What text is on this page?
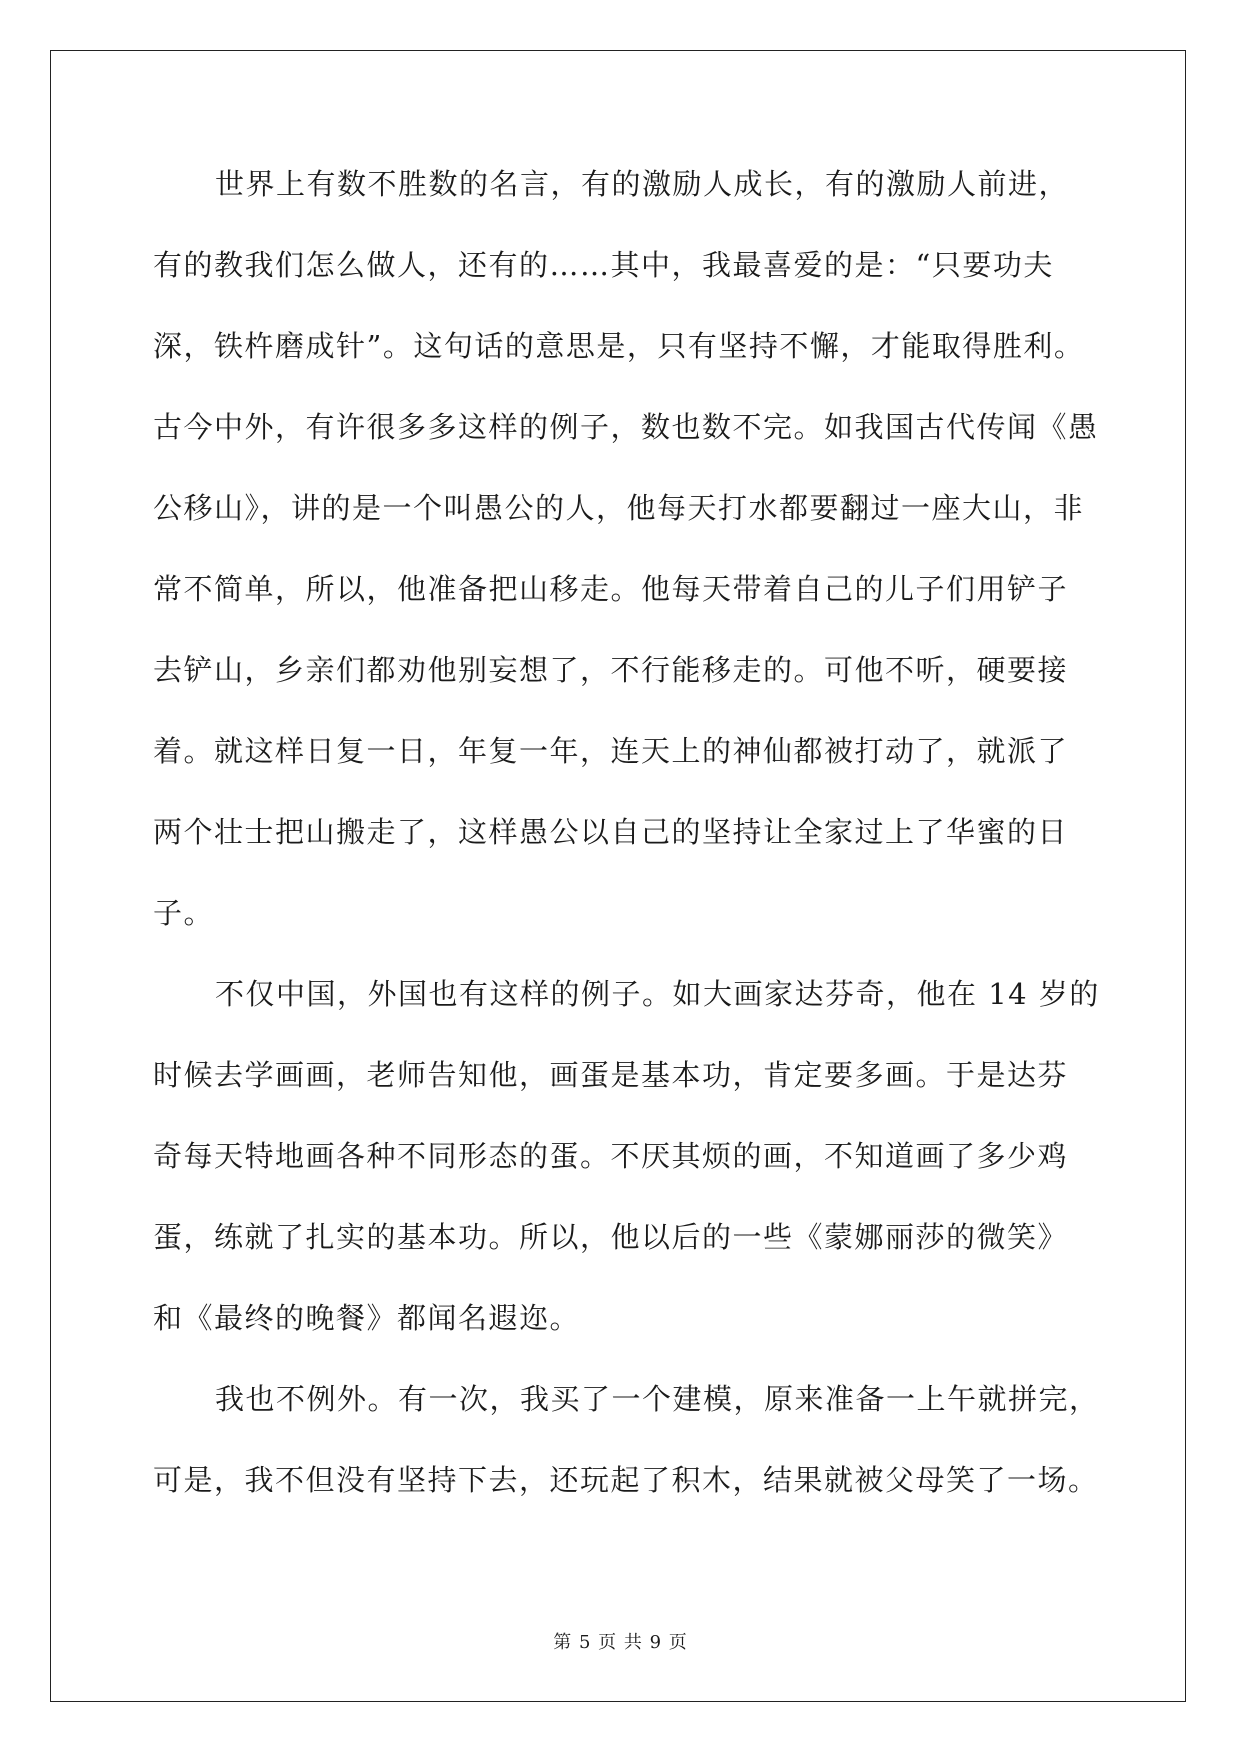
世界上有数不胜数的名言，有的激励人成长，有的激励人前进，

有的教我们怎么做人，还有的……其中，我最喜爱的是：“只要功夫

深，铁杵磨成针”。这句话的意思是，只有坚持不懈，才能取得胜利。

古今中外，有许很多多这样的例子，数也数不完。如我国古代传闻《愚

公移山》，讲的是一个叫愚公的人，他每天打水都要翻过一座大山，非

常不简单，所以，他准备把山移走。他每天带着自己的儿子们用铲子

去铲山，乡亲们都劝他别妄想了，不行能移走的。可他不听，硬要接

着。就这样日复一日，年复一年，连天上的神仙都被打动了，就派了

两个壮士把山搬走了，这样愚公以自己的坚持让全家过上了华蜜的日

子。

不仅中国，外国也有这样的例子。如大画家达芬奇，他在 14 岁的

时候去学画画，老师告知他，画蛋是基本功，肯定要多画。于是达芬

奇每天特地画各种不同形态的蛋。不厌其烦的画，不知道画了多少鸡

蛋，练就了扎实的基本功。所以，他以后的一些《蒙娜丽莎的微笑》

和《最终的晚餐》都闻名遐迩。

我也不例外。有一次，我买了一个建模，原来准备一上午就拼完，

可是，我不但没有坚持下去，还玩起了积木，结果就被父母笑了一场。

第 5 页 共 9 页
